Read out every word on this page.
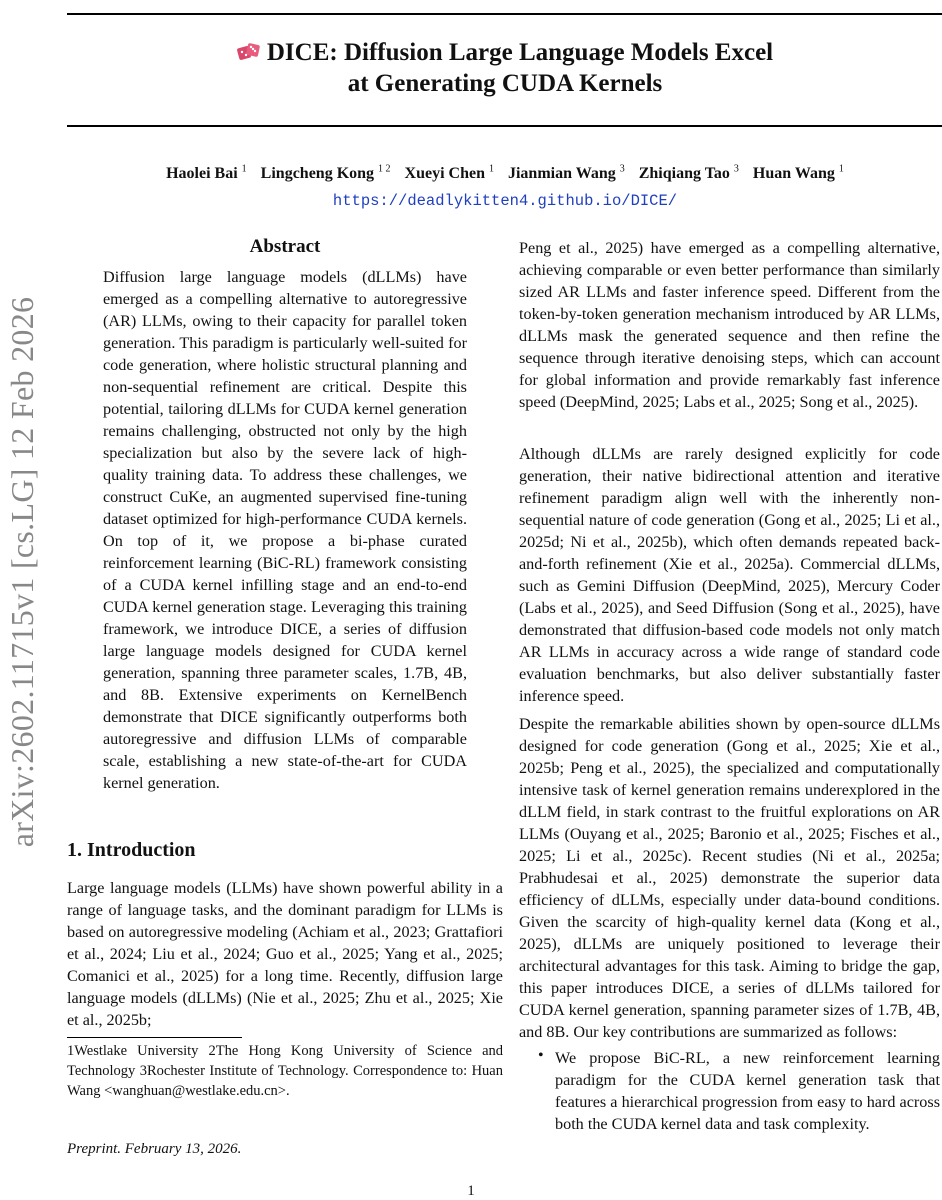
arXiv:2602.11715v1 [cs.LG] 12 Feb 2026
DICE: Diffusion Large Language Models Excel
at Generating CUDA Kernels
Haolei Bai $^1$ Lingcheng Kong $^{1 2}$ Xueyi Chen $^1$ Jianmian Wang $^3$ Zhiqiang Tao $^3$ Huan Wang $^1$
https://deadlykitten4.github.io/DICE/
Abstract

Diffusion large language models (dLLMs) have emerged as a compelling alternative to autoregressive (AR) LLMs, owing to their capacity for parallel token generation. This paradigm is particularly well-suited for code generation, where holistic structural planning and non-sequential refinement are critical. Despite this potential, tailoring dLLMs for CUDA kernel generation remains challenging, obstructed not only by the high specialization but also by the severe lack of high-quality training data. To address these challenges, we construct CuKe, an augmented supervised fine-tuning dataset optimized for high-performance CUDA kernels. On top of it, we propose a bi-phase curated reinforcement learning (BiC-RL) framework consisting of a CUDA kernel infilling stage and an end-to-end CUDA kernel generation stage. Leveraging this training framework, we introduce DICE, a series of diffusion large language models designed for CUDA kernel generation, spanning three parameter scales, 1.7B, 4B, and 8B. Extensive experiments on KernelBench demonstrate that DICE significantly outperforms both autoregressive and diffusion LLMs of comparable scale, establishing a new state-of-the-art for CUDA kernel generation.

1. Introduction

Large language models (LLMs) have shown powerful ability in a range of language tasks, and the dominant paradigm for LLMs is based on autoregressive modeling (Achiam et al., 2023; Grattafiori et al., 2024; Liu et al., 2024; Guo et al., 2025; Yang et al., 2025; Comanici et al., 2025) for a long time. Recently, diffusion large language models (dLLMs) (Nie et al., 2025; Zhu et al., 2025; Xie et al., 2025b;

1Westlake University 2The Hong Kong University of Science and Technology 3Rochester Institute of Technology. Correspondence to: Huan Wang <wanghuan@westlake.edu.cn>.

Preprint. February 13, 2026.
1

Peng et al., 2025) have emerged as a compelling alternative, achieving comparable or even better performance than similarly sized AR LLMs and faster inference speed. Different from the token-by-token generation mechanism introduced by AR LLMs, dLLMs mask the generated sequence and then refine the sequence through iterative denoising steps, which can account for global information and provide remarkably fast inference speed (DeepMind, 2025; Labs et al., 2025; Song et al., 2025).

Although dLLMs are rarely designed explicitly for code generation, their native bidirectional attention and iterative refinement paradigm align well with the inherently non-sequential nature of code generation (Gong et al., 2025; Li et al., 2025d; Ni et al., 2025b), which often demands repeated back-and-forth refinement (Xie et al., 2025a). Commercial dLLMs, such as Gemini Diffusion (DeepMind, 2025), Mercury Coder (Labs et al., 2025), and Seed Diffusion (Song et al., 2025), have demonstrated that diffusion-based code models not only match AR LLMs in accuracy across a wide range of standard code evaluation benchmarks, but also deliver substantially faster inference speed.

Despite the remarkable abilities shown by open-source dLLMs designed for code generation (Gong et al., 2025; Xie et al., 2025b; Peng et al., 2025), the specialized and computationally intensive task of kernel generation remains underexplored in the dLLM field, in stark contrast to the fruitful explorations on AR LLMs (Ouyang et al., 2025; Baronio et al., 2025; Fisches et al., 2025; Li et al., 2025c). Recent studies (Ni et al., 2025a; Prabhudesai et al., 2025) demonstrate the superior data efficiency of dLLMs, especially under data-bound conditions. Given the scarcity of high-quality kernel data (Kong et al., 2025), dLLMs are uniquely positioned to leverage their architectural advantages for this task. Aiming to bridge the gap, this paper introduces DICE, a series of dLLMs tailored for CUDA kernel generation, spanning parameter sizes of 1.7B, 4B, and 8B. Our key contributions are summarized as follows:

• We propose BiC-RL, a new reinforcement learning paradigm for the CUDA kernel generation task that features a hierarchical progression from easy to hard across both the CUDA kernel data and task complexity.
